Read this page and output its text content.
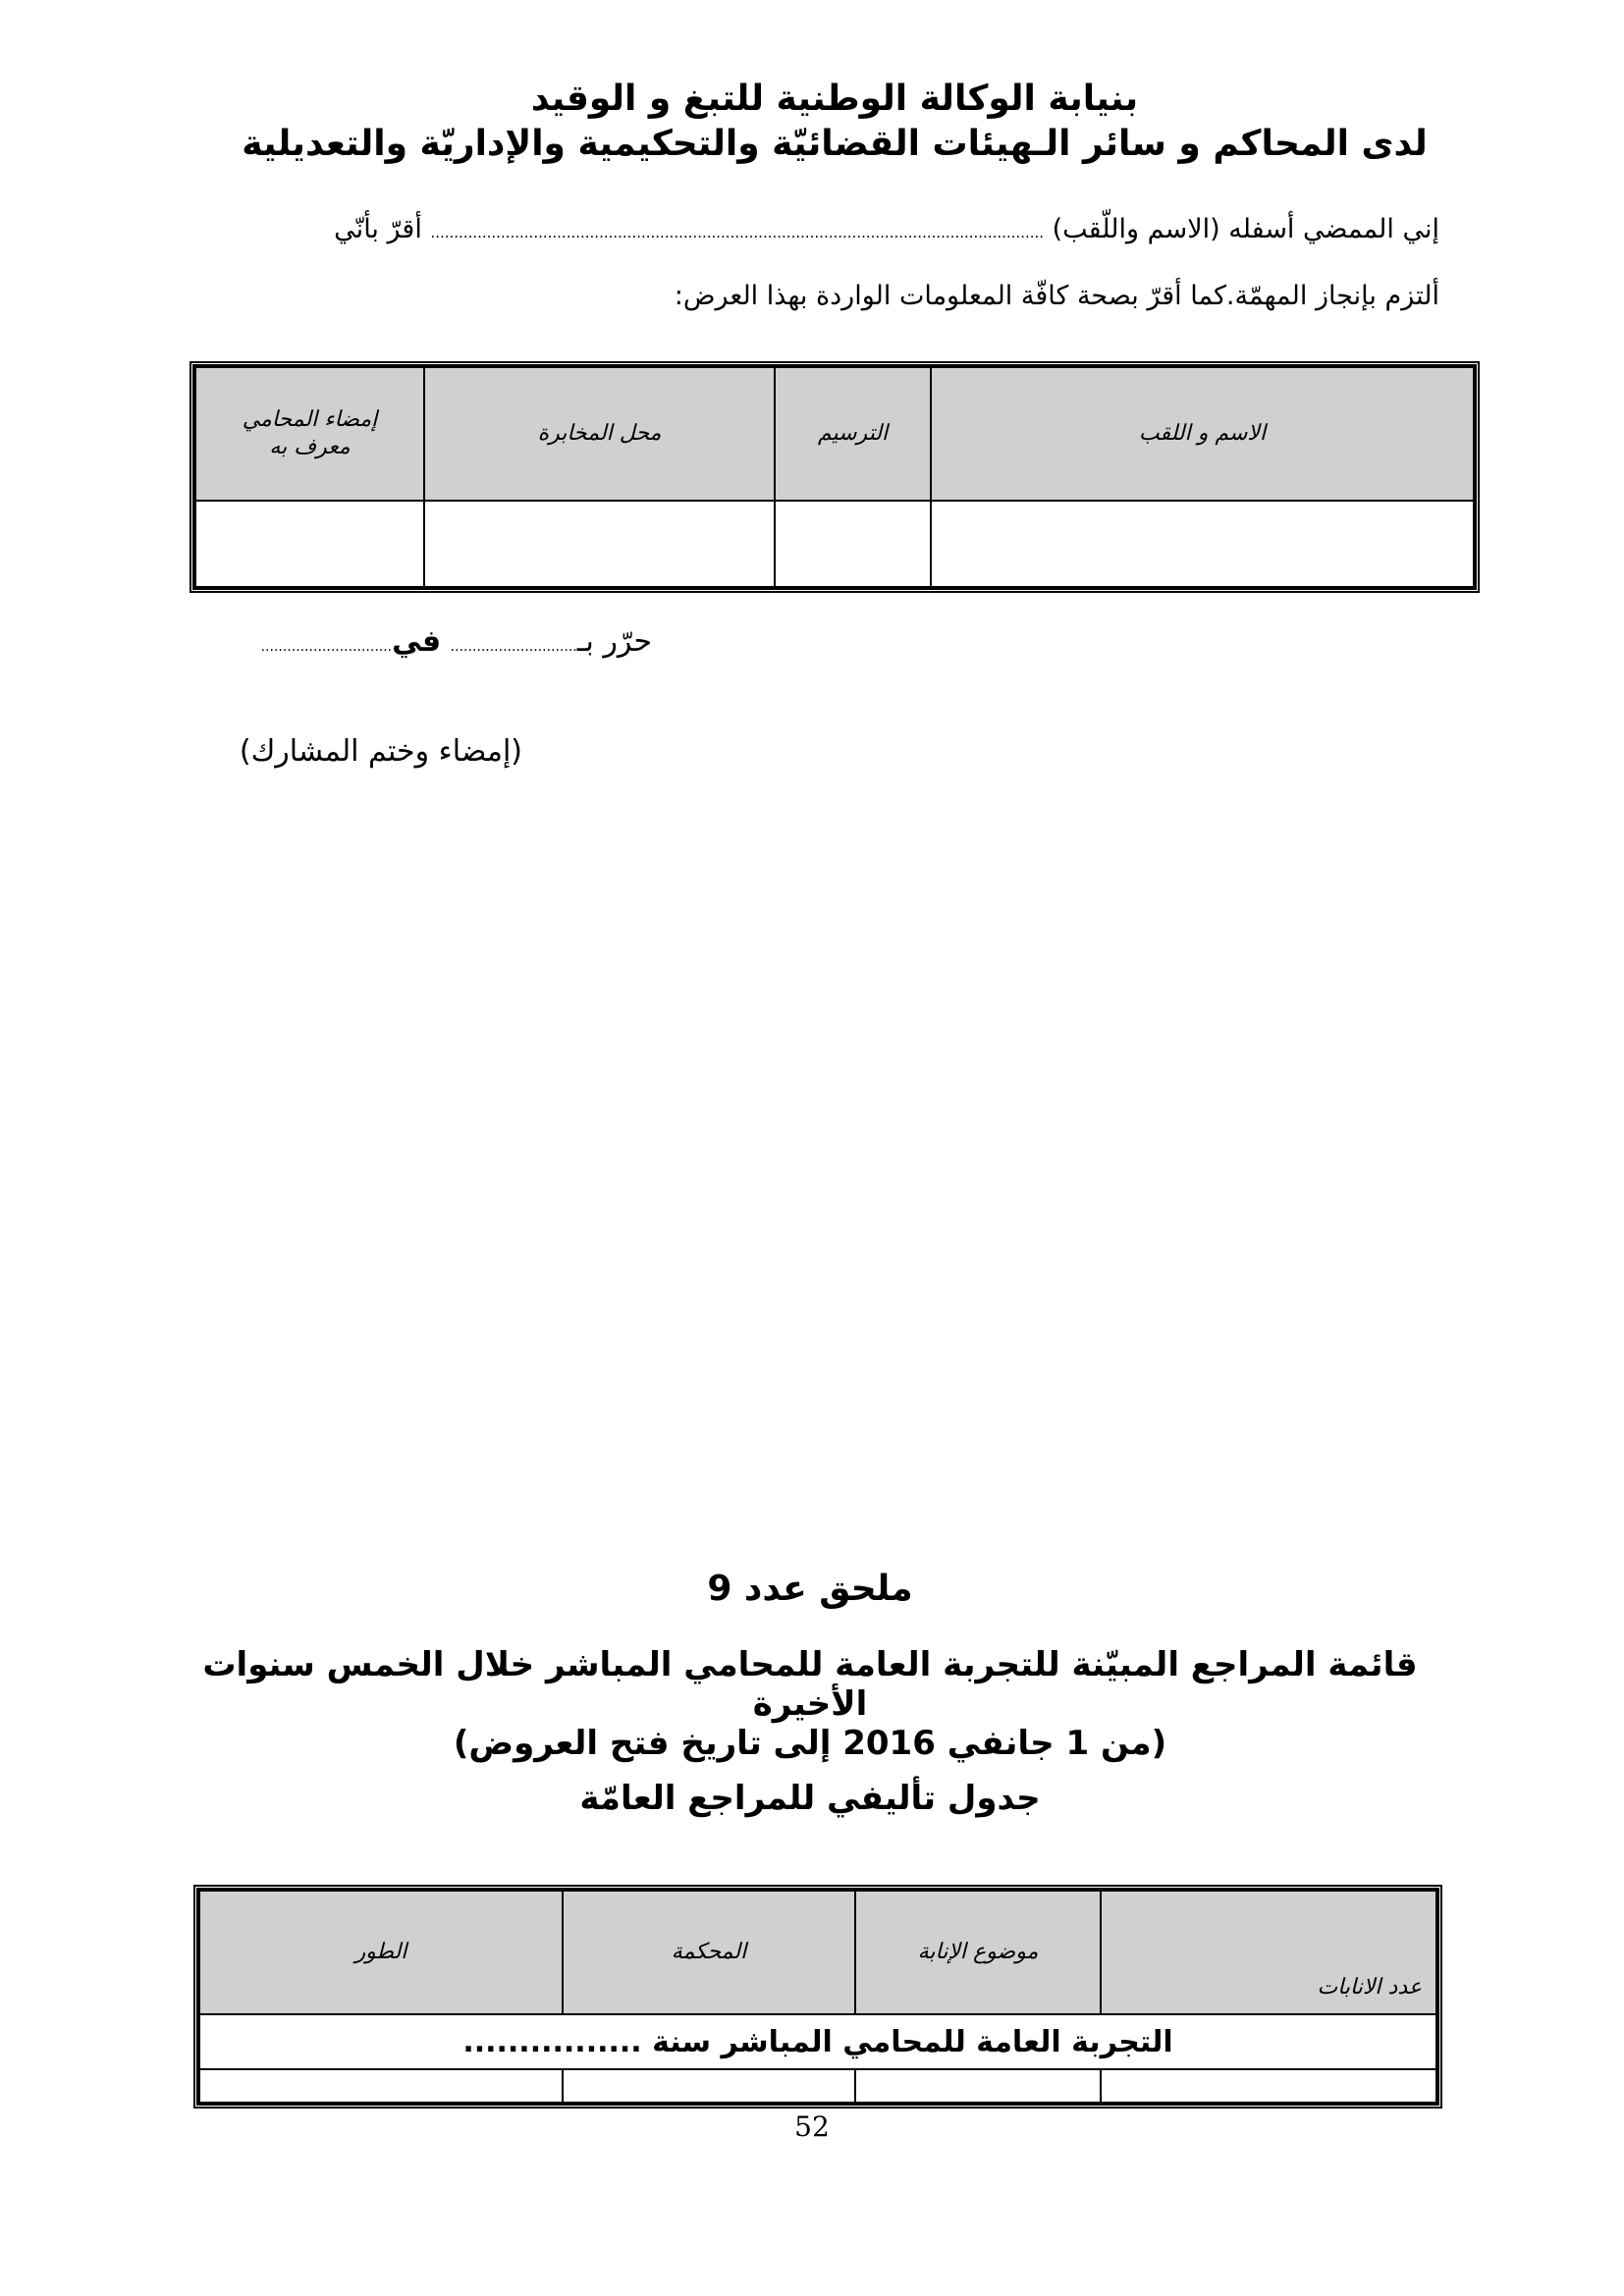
بنيابة الوكالة الوطنية للتبغ و الوقيد
لدى المحاكم و سائر الـهيئات القضائيّة والتحكيمية والإداريّة والتعديلية
إني الممضي أسفله (الاسم واللّقب) ................................................................................................................................... أقرّ بأنّي
ألتزم بإنجاز المهمّة.كما أقرّ بصحة كافّة المعلومات الواردة بهذا العرض:
الاسم و اللقب	الترسيم	محل المخابرة	إمضاء المحامي معرف به

حرّر بـ............................. في..............................
(إمضاء وختم المشارك)
ملحق عدد 9
قائمة المراجع المبيّنة للتجربة العامة للمحامي المباشر خلال الخمس سنوات الأخيرة
(من 1 جانفي 2016 إلى تاريخ فتح العروض)
جدول تأليفي للمراجع العامّة
عدد الانابات	موضوع الإنابة	المحكمة	الطور
التجربة العامة للمحامي المباشر سنة ................			

52
